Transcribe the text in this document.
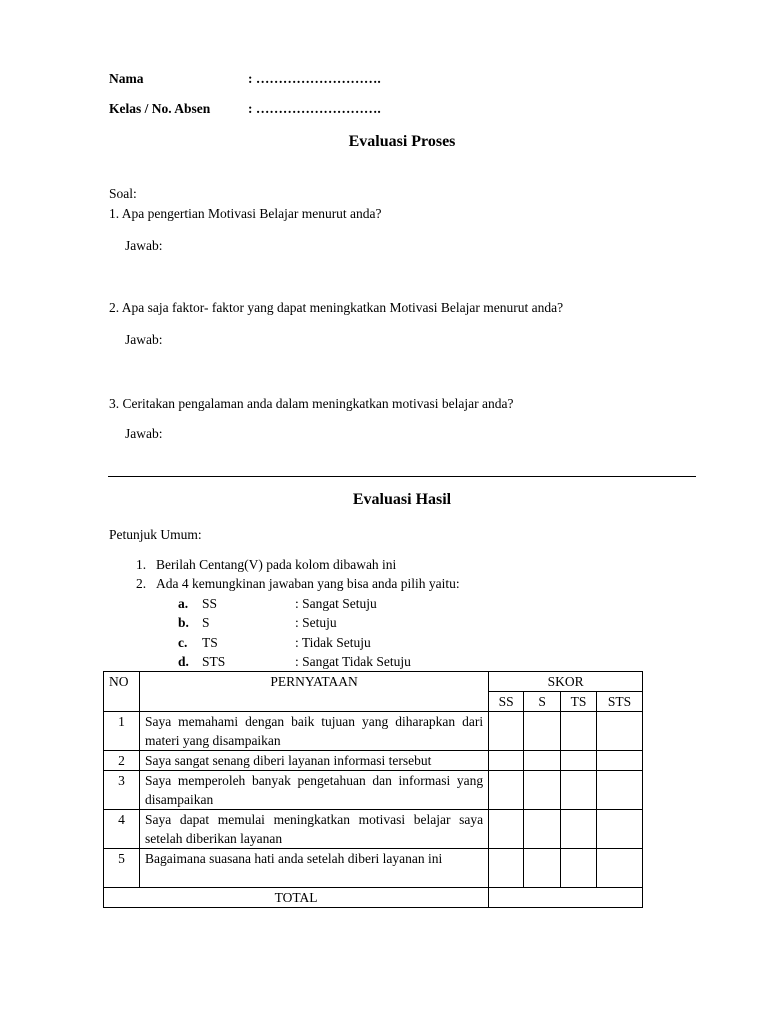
Nama	: ……………………….
Kelas / No. Absen	: ……………………….
Evaluasi Proses
Soal:
1. Apa pengertian Motivasi Belajar menurut anda?
Jawab:
2. Apa saja faktor- faktor yang dapat meningkatkan Motivasi Belajar menurut anda?
Jawab:
3. Ceritakan pengalaman anda dalam meningkatkan motivasi belajar anda?
Jawab:
Evaluasi Hasil
Petunjuk Umum:
1. Berilah Centang(V) pada kolom dibawah ini
2. Ada 4 kemungkinan jawaban yang bisa anda pilih yaitu:
a. SS	: Sangat Setuju
b. S	: Setuju
c. TS	: Tidak Setuju
d. STS	: Sangat Tidak Setuju
NO	PERNYATAAN	SKOR			
		SS	S	TS	STS
1	Saya memahami dengan baik tujuan yang diharapkan dari materi yang disampaikan				
2	Saya sangat senang diberi layanan informasi tersebut				
3	Saya memperoleh banyak pengetahuan dan informasi yang disampaikan				
4	Saya dapat memulai meningkatkan motivasi belajar saya setelah diberikan layanan				
5	Bagaimana suasana hati anda setelah diberi layanan ini				
TOTAL					
